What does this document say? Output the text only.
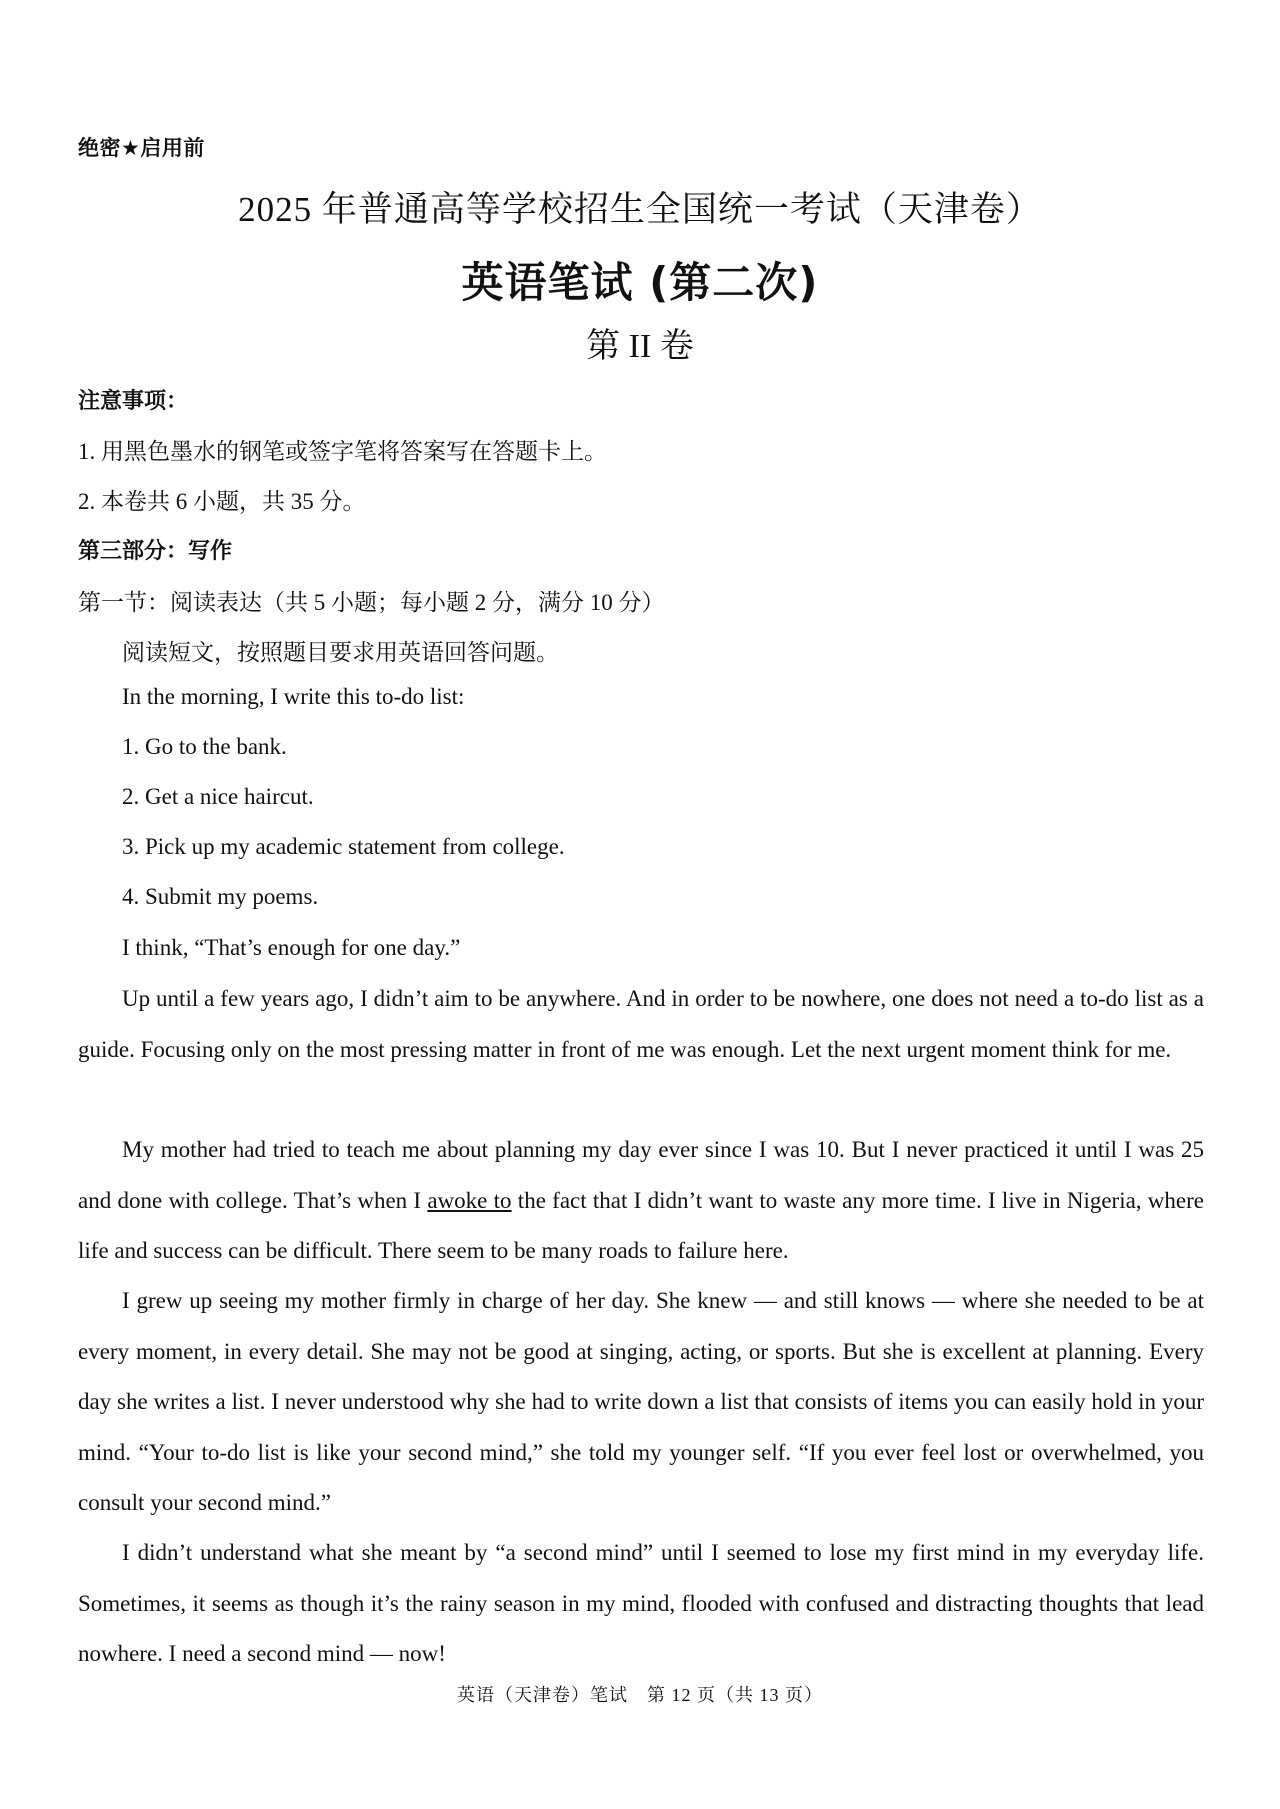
绝密★启用前
2025 年普通高等学校招生全国统一考试（天津卷）
英语笔试 (第二次)
第 II 卷
注意事项：
1. 用黑色墨水的钢笔或签字笔将答案写在答题卡上。
2. 本卷共 6 小题，共 35 分。
第三部分：写作
第一节：阅读表达（共 5 小题；每小题 2 分，满分 10 分）
阅读短文，按照题目要求用英语回答问题。
In the morning, I write this to-do list:
1. Go to the bank.
2. Get a nice haircut.
3. Pick up my academic statement from college.
4. Submit my poems.
I think, “That’s enough for one day.”
Up until a few years ago, I didn’t aim to be anywhere. And in order to be nowhere, one does not need a to-do list as a guide. Focusing only on the most pressing matter in front of me was enough. Let the next urgent moment think for me.
My mother had tried to teach me about planning my day ever since I was 10. But I never practiced it until I was 25 and done with college. That’s when I awoke to the fact that I didn’t want to waste any more time. I live in Nigeria, where life and success can be difficult. There seem to be many roads to failure here.
I grew up seeing my mother firmly in charge of her day. She knew — and still knows — where she needed to be at every moment, in every detail. She may not be good at singing, acting, or sports. But she is excellent at planning. Every day she writes a list. I never understood why she had to write down a list that consists of items you can easily hold in your mind. “Your to-do list is like your second mind,” she told my younger self. “If you ever feel lost or overwhelmed, you consult your second mind.”
I didn’t understand what she meant by “a second mind” until I seemed to lose my first mind in my everyday life. Sometimes, it seems as though it’s the rainy season in my mind, flooded with confused and distracting thoughts that lead nowhere. I need a second mind — now!
英语（天津卷）笔试　第 12 页（共 13 页）
